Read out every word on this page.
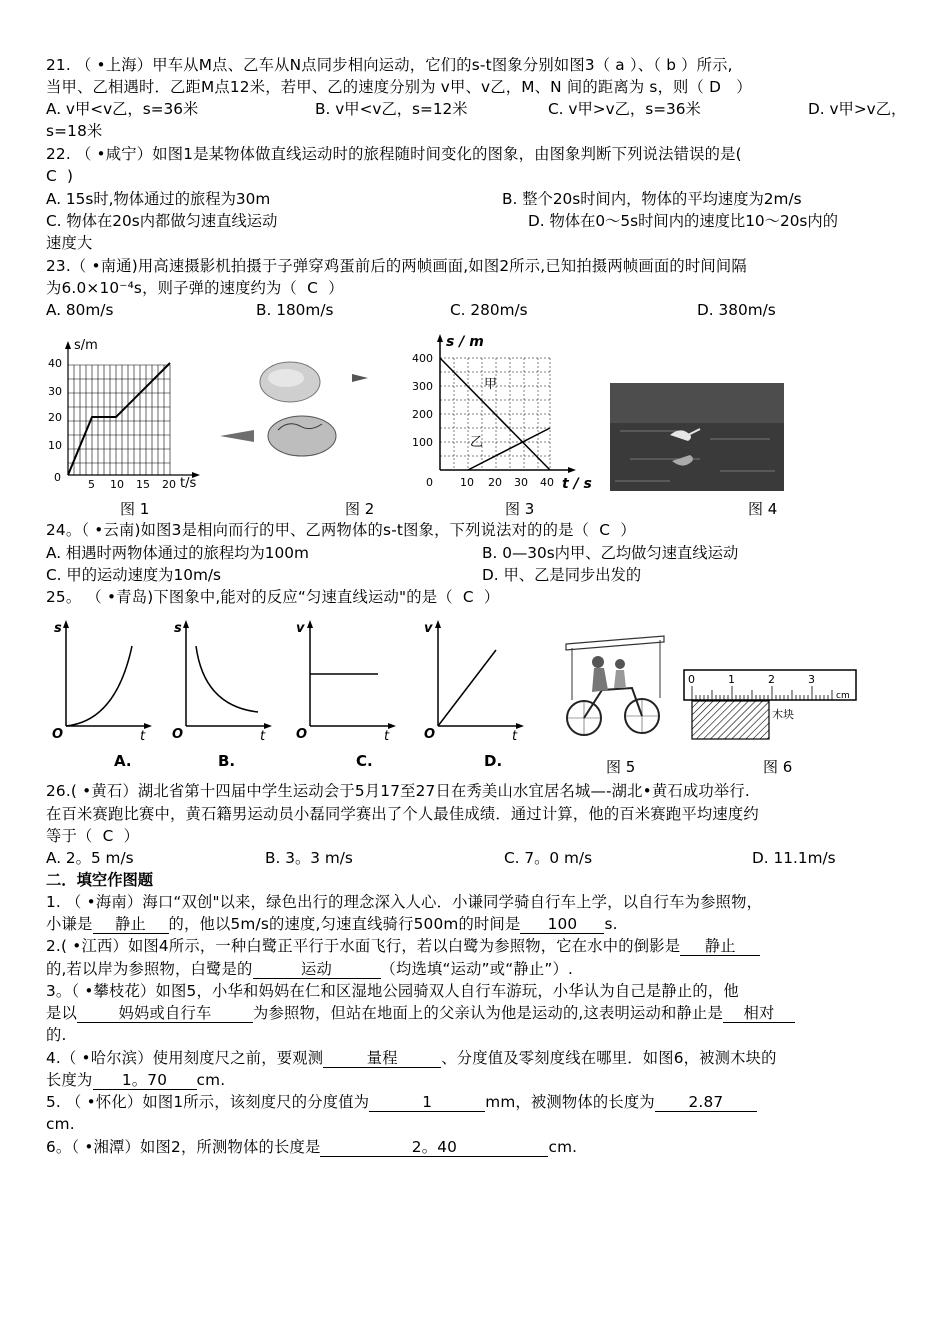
21. （ •上海）甲车从M点、乙车从N点同步相向运动，它们的s-t图象分别如图3（ a ）、（ b ）所示,
当甲、乙相遇时．乙距M点12米，若甲、乙的速度分别为 v甲、v乙，M、N 间的距离为 s，则（ D   ）
A. v甲<v乙，s=36米	B. v甲<v乙，s=12米	C. v甲>v乙，s=36米	D. v甲>v乙，
s=18米
22. （ •咸宁）如图1是某物体做直线运动时的旅程随时间变化的图象，由图象判断下列说法错误的是(
C  )
A. 15s时,物体通过的旅程为30m	B. 整个20s时间内，物体的平均速度为2m/s
C. 物体在20s内都做匀速直线运动	D. 物体在0～5s时间内的速度比10～20s内的
速度大
23.（ •南通)用高速摄影机拍摄于子弹穿鸡蛋前后的两帧画面,如图2所示,已知拍摄两帧画面的时间间隔
为6.0×10⁻⁴s，则子弹的速度约为（  C  ）
A. 80m/s	B. 180m/s	C. 280m/s	D. 380m/s
s/m
t/s
40
30
20
10
0
5 10 15 20
图 1	图 2
s / m
t / s
400
300
200
100
0 10 20 30 40
甲
乙
图 3	图 4
24。（ •云南)如图3是相向而行的甲、乙两物体的s-t图象，下列说法对的的是（  C  ）
A. 相遇时两物体通过的旅程均为100m	B. 0—30s内甲、乙均做匀速直线运动
C. 甲的运动速度为10m/s	D. 甲、乙是同步出发的
25。 （ •青岛)下图象中,能对的反应“匀速直线运动"的是（  C  ）
s
t
O
A.
s
t
O
B.
v
t
O
C.
v
t
O
D.	图 5
0	1	2	3
cm
木块
图 6
26.( •黄石）湖北省第十四届中学生运动会于5月17至27日在秀美山水宜居名城—-湖北•黄石成功举行.
在百米赛跑比赛中，黄石籍男运动员小磊同学赛出了个人最佳成绩．通过计算，他的百米赛跑平均速度约
等于（  C  ）
A. 2。5 m/s	B. 3。3 m/s	C. 7。0 m/s	D. 11.1m/s
二．填空作图题
1. （ •海南）海口“双创"以来，绿色出行的理念深入人心．小谦同学骑自行车上学，以自行车为参照物，
小谦是 静止 的，他以5m/s的速度,匀速直线骑行500m的时间是 100 s.
2.( •江西）如图4所示，一种白鹭正平行于水面飞行，若以白鹭为参照物，它在水中的倒影是 静止
的,若以岸为参照物，白鹭是的	运动	（均选填“运动”或“静止”）.
3。（ •攀枝花）如图5，小华和妈妈在仁和区湿地公园骑双人自行车游玩，小华认为自己是静止的，他
是以	妈妈或自行车	为参照物，但站在地面上的父亲认为他是运动的,这表明运动和静止是 相对
的.
4.（ •哈尔滨）使用刻度尺之前，要观测	量程	、分度值及零刻度线在哪里．如图6，被测木块的
长度为 1。70 cm.
5. （ •怀化）如图1所示，该刻度尺的分度值为	1	mm，被测物体的长度为 2.87
cm.
6。（ •湘潭）如图2，所测物体的长度是	2。40	cm.
